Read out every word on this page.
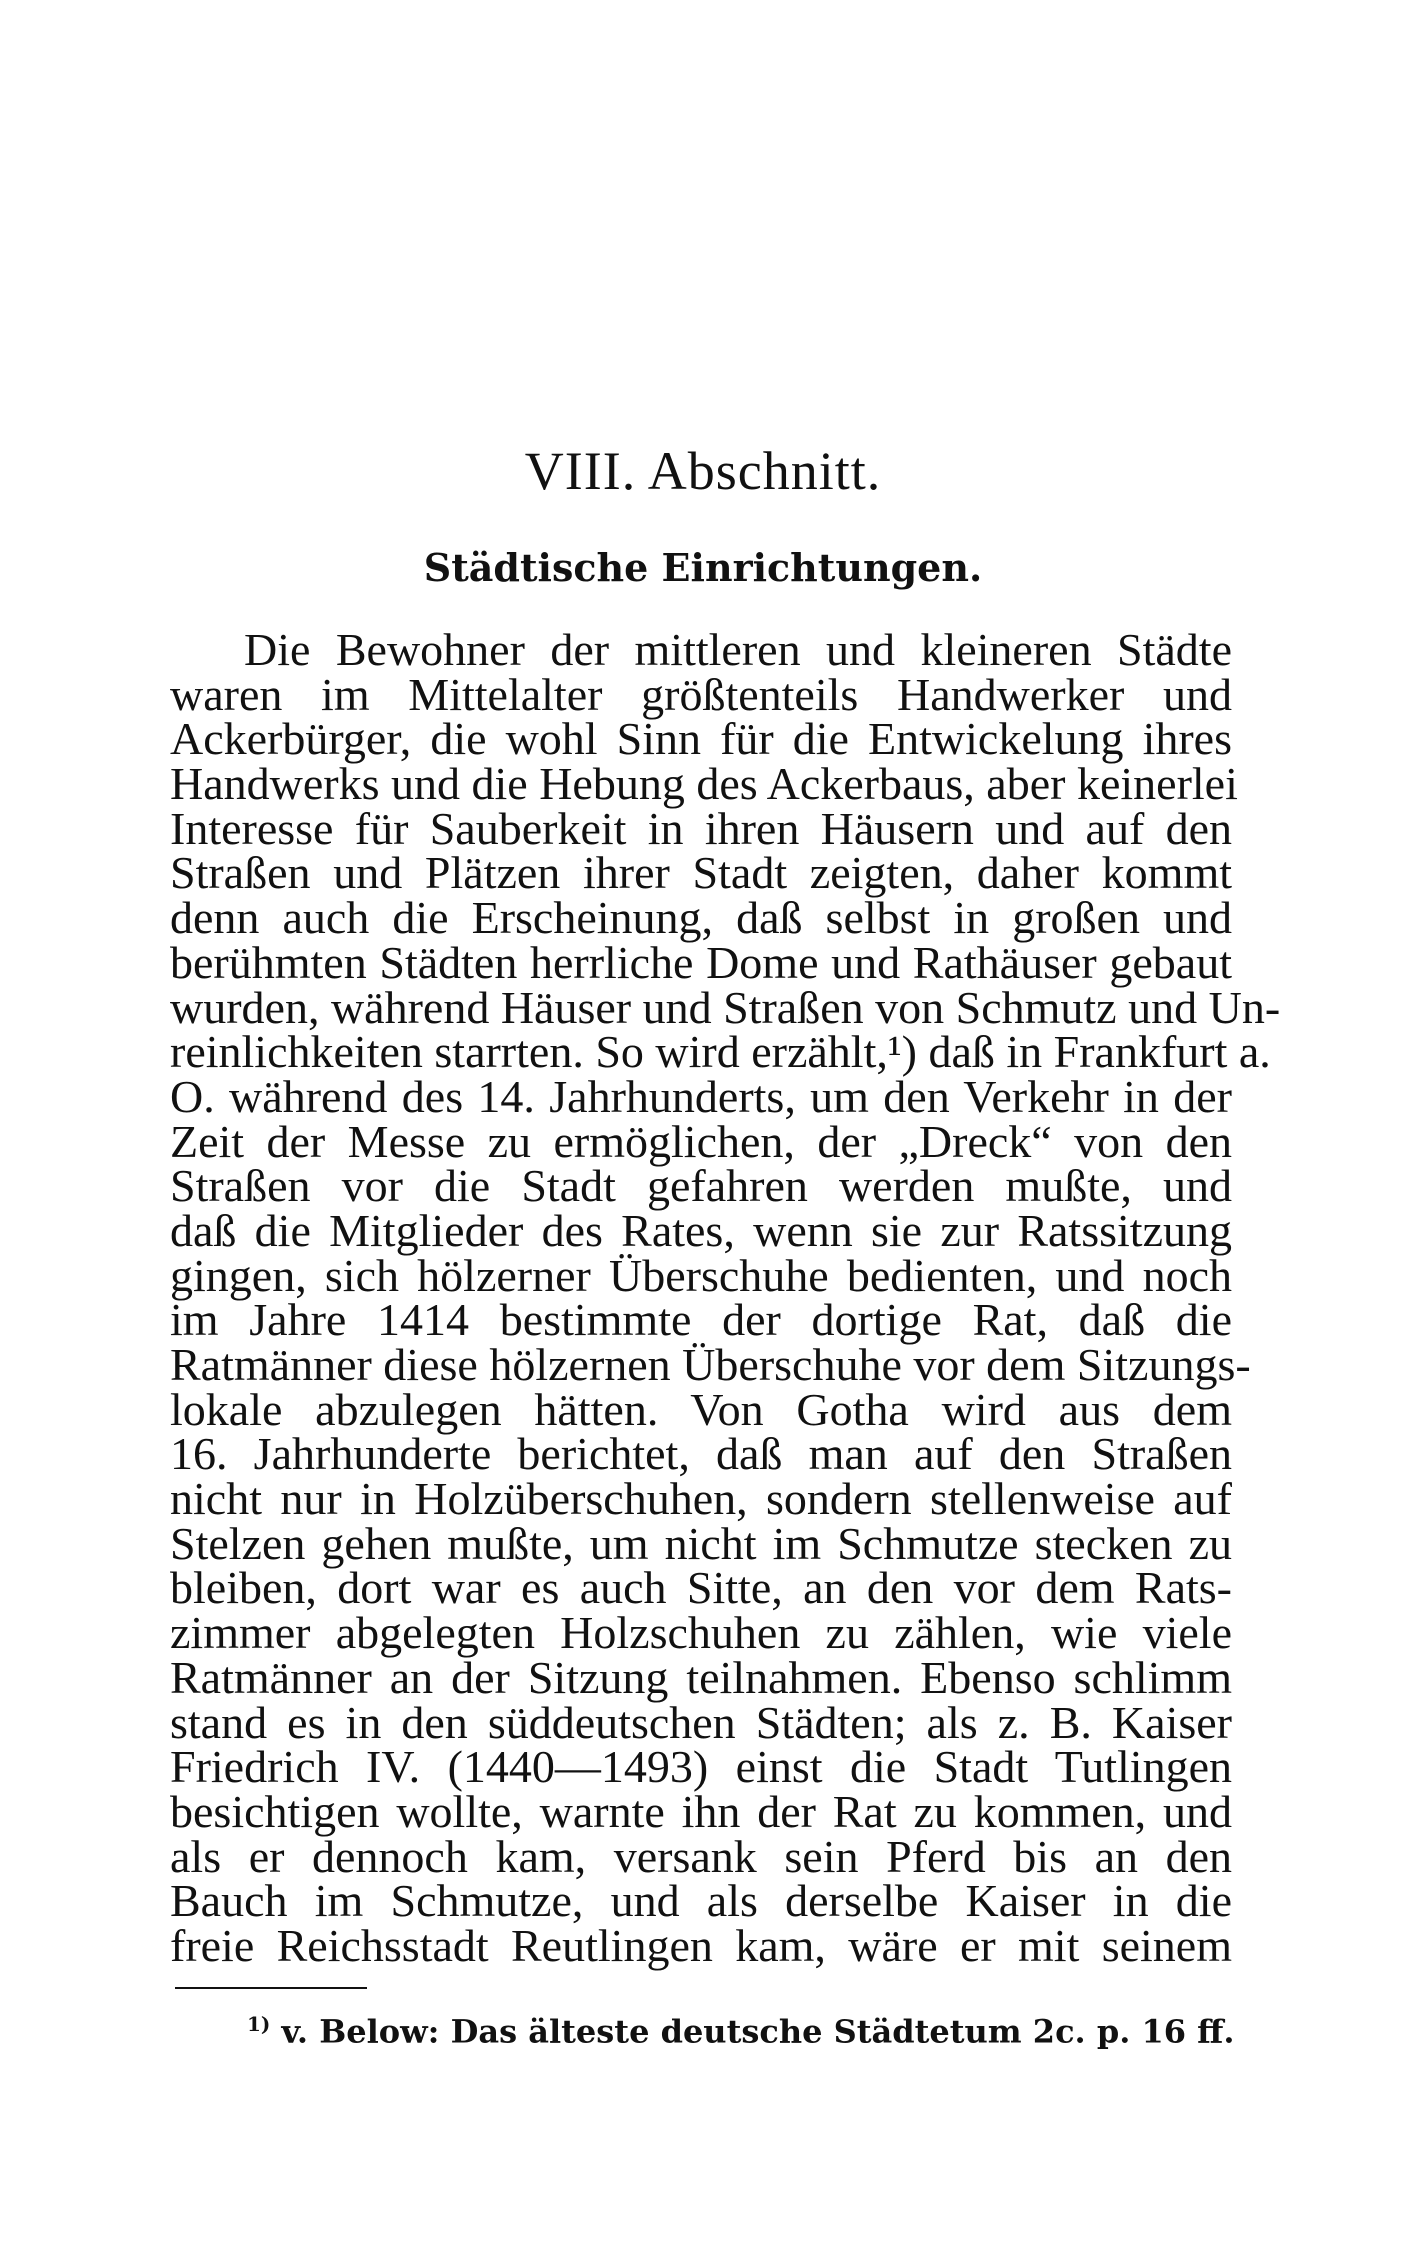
VIII. Abschnitt.
Städtische Einrichtungen.
Die Bewohner der mittleren und kleineren Städte
waren im Mittelalter größtenteils Handwerker und
Ackerbürger, die wohl Sinn für die Entwickelung ihres
Handwerks und die Hebung des Ackerbaus, aber keinerlei
Interesse für Sauberkeit in ihren Häusern und auf den
Straßen und Plätzen ihrer Stadt zeigten, daher kommt
denn auch die Erscheinung, daß selbst in großen und
berühmten Städten herrliche Dome und Rathäuser gebaut
wurden, während Häuser und Straßen von Schmutz und Un-
reinlichkeiten starrten. So wird erzählt,¹) daß in Frankfurt a.
O. während des 14. Jahrhunderts, um den Verkehr in der
Zeit der Messe zu ermöglichen, der „Dreck“ von den
Straßen vor die Stadt gefahren werden mußte, und
daß die Mitglieder des Rates, wenn sie zur Ratssitzung
gingen, sich hölzerner Überschuhe bedienten, und noch
im Jahre 1414 bestimmte der dortige Rat, daß die
Ratmänner diese hölzernen Überschuhe vor dem Sitzungs-
lokale abzulegen hätten. Von Gotha wird aus dem
16. Jahrhunderte berichtet, daß man auf den Straßen
nicht nur in Holzüberschuhen, sondern stellenweise auf
Stelzen gehen mußte, um nicht im Schmutze stecken zu
bleiben, dort war es auch Sitte, an den vor dem Rats-
zimmer abgelegten Holzschuhen zu zählen, wie viele
Ratmänner an der Sitzung teilnahmen. Ebenso schlimm
stand es in den süddeutschen Städten; als z. B. Kaiser
Friedrich IV. (1440—1493) einst die Stadt Tutlingen
besichtigen wollte, warnte ihn der Rat zu kommen, und
als er dennoch kam, versank sein Pferd bis an den
Bauch im Schmutze, und als derselbe Kaiser in die
freie Reichsstadt Reutlingen kam, wäre er mit seinem
$^{1)}$ v. Below: Das älteste deutsche Städtetum 2c. p. 16 ff.
